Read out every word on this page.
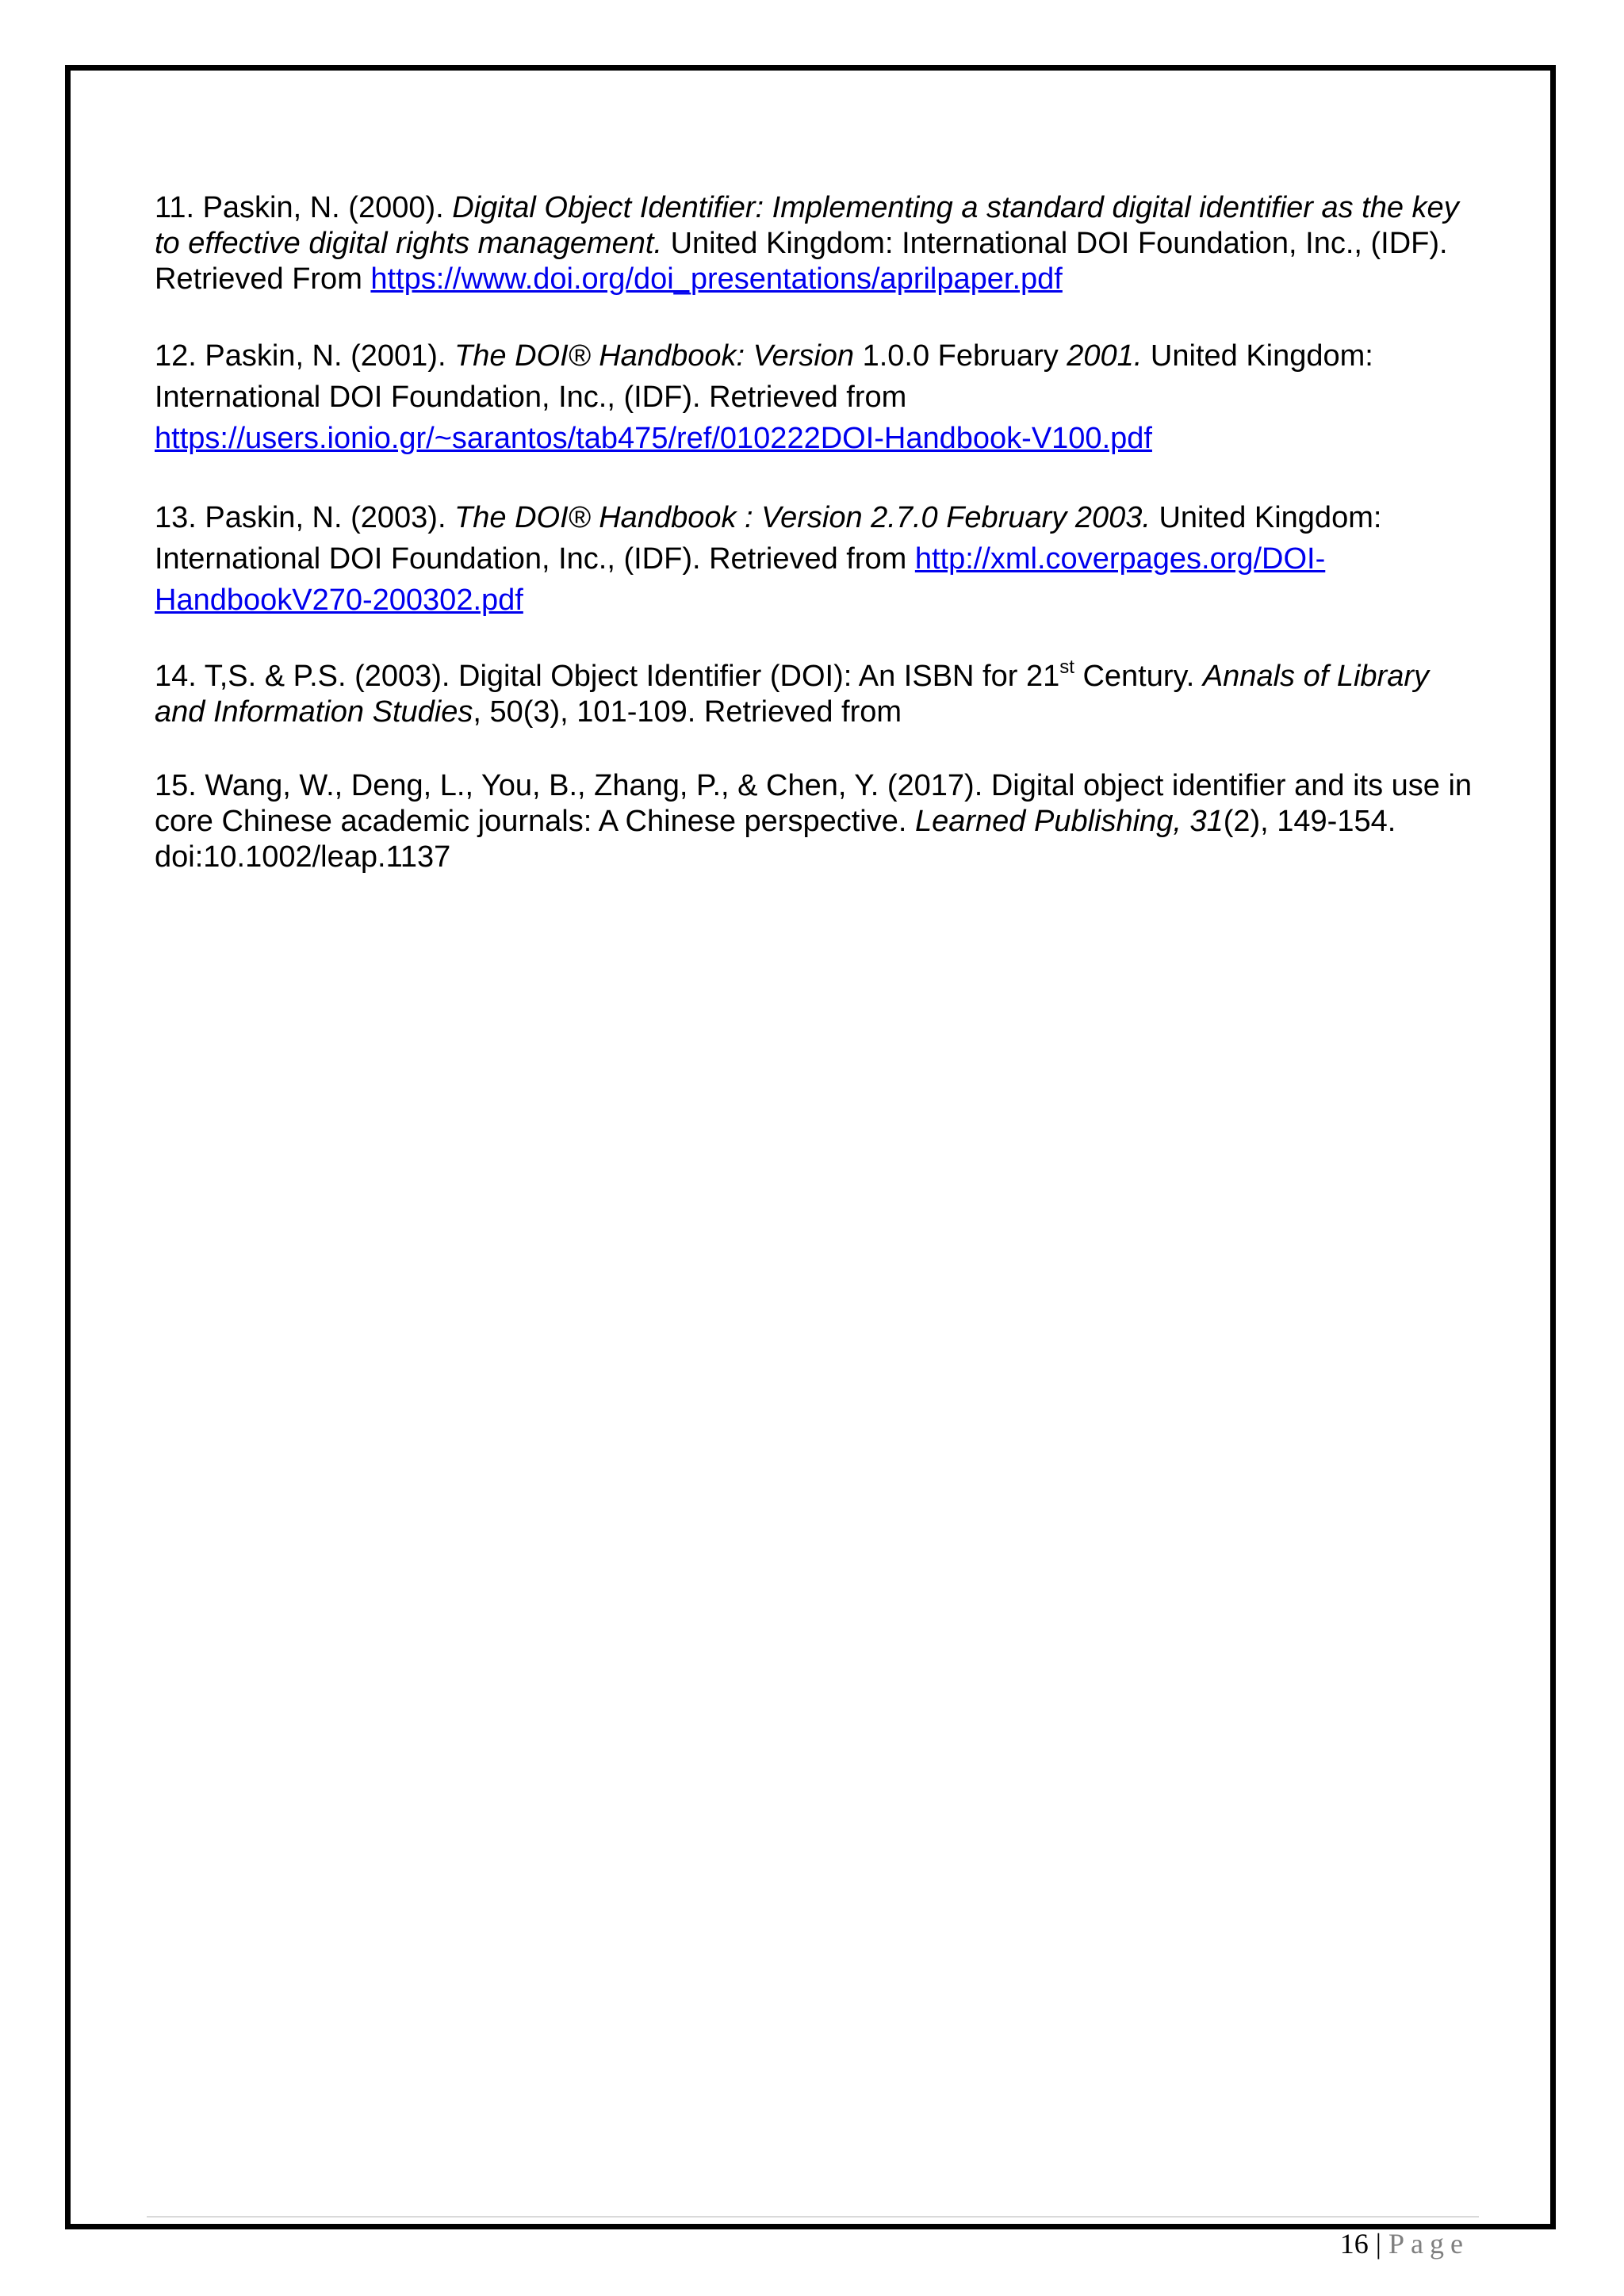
11. Paskin, N. (2000). Digital Object Identifier: Implementing a standard digital identifier as the key to effective digital rights management. United Kingdom: International DOI Foundation, Inc., (IDF). Retrieved From https://www.doi.org/doi_presentations/aprilpaper.pdf

12. Paskin, N. (2001). The DOI® Handbook: Version 1.0.0 February 2001. United Kingdom: International DOI Foundation, Inc., (IDF). Retrieved from https://users.ionio.gr/~sarantos/tab475/ref/010222DOI-Handbook-V100.pdf

13. Paskin, N. (2003). The DOI® Handbook : Version 2.7.0 February 2003. United Kingdom: International DOI Foundation, Inc., (IDF). Retrieved from http://xml.coverpages.org/DOI-HandbookV270-200302.pdf

14. T,S. & P.S. (2003). Digital Object Identifier (DOI): An ISBN for 21st Century. Annals of Library and Information Studies, 50(3), 101-109. Retrieved from

15. Wang, W., Deng, L., You, B., Zhang, P., & Chen, Y. (2017). Digital object identifier and its use in core Chinese academic journals: A Chinese perspective. Learned Publishing, 31(2), 149-154. doi:10.1002/leap.1137

16 | Page
